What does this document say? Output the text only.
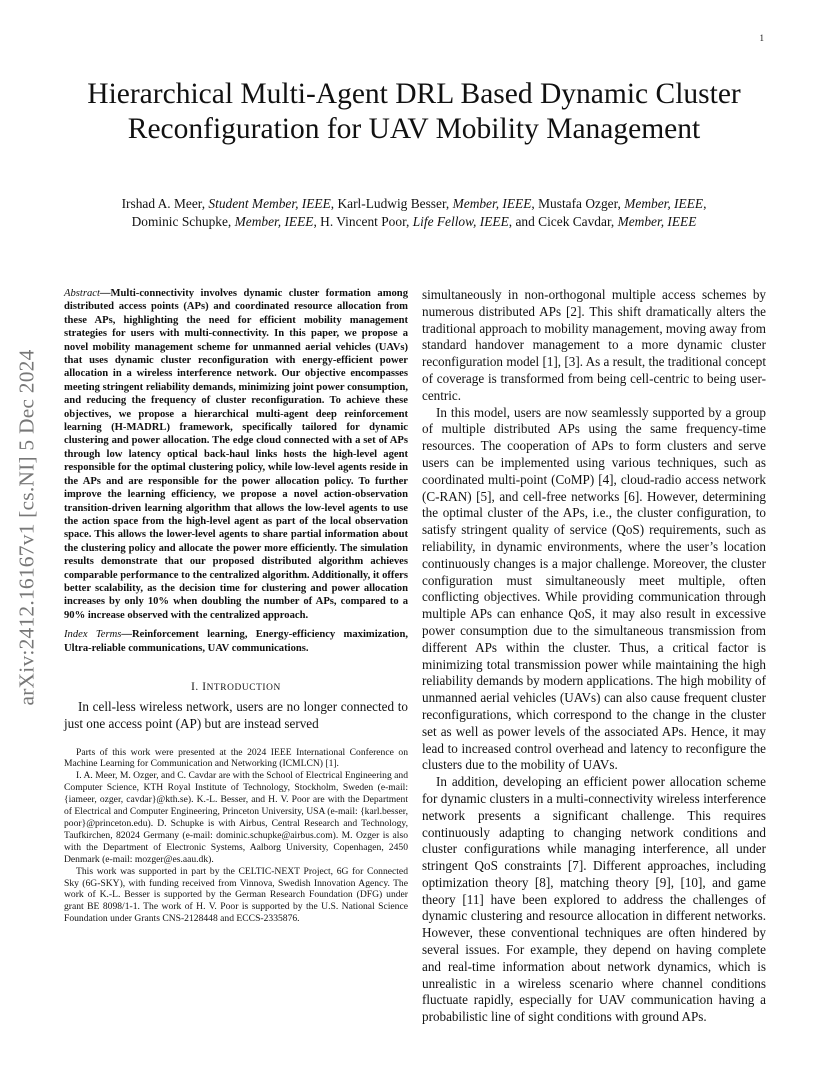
1
arXiv:2412.16167v1 [cs.NI] 5 Dec 2024
Hierarchical Multi-Agent DRL Based Dynamic Cluster Reconfiguration for UAV Mobility Management

Irshad A. Meer, Student Member, IEEE, Karl-Ludwig Besser, Member, IEEE, Mustafa Ozger, Member, IEEE,
Dominic Schupke, Member, IEEE, H. Vincent Poor, Life Fellow, IEEE, and Cicek Cavdar, Member, IEEE

Abstract—Multi-connectivity involves dynamic cluster formation among distributed access points (APs) and coordinated resource allocation from these APs, highlighting the need for efficient mobility management strategies for users with multi-connectivity. In this paper, we propose a novel mobility management scheme for unmanned aerial vehicles (UAVs) that uses dynamic cluster reconfiguration with energy-efficient power allocation in a wireless interference network. Our objective encompasses meeting stringent reliability demands, minimizing joint power consumption, and reducing the frequency of cluster reconfiguration. To achieve these objectives, we propose a hierarchical multi-agent deep reinforcement learning (H-MADRL) framework, specifically tailored for dynamic clustering and power allocation. The edge cloud connected with a set of APs through low latency optical back-haul links hosts the high-level agent responsible for the optimal clustering policy, while low-level agents reside in the APs and are responsible for the power allocation policy. To further improve the learning efficiency, we propose a novel action-observation transition-driven learning algorithm that allows the low-level agents to use the action space from the high-level agent as part of the local observation space. This allows the lower-level agents to share partial information about the clustering policy and allocate the power more efficiently. The simulation results demonstrate that our proposed distributed algorithm achieves comparable performance to the centralized algorithm. Additionally, it offers better scalability, as the decision time for clustering and power allocation increases by only 10% when doubling the number of APs, compared to a 90% increase observed with the centralized approach.

Index Terms—Reinforcement learning, Energy-efficiency maximization, Ultra-reliable communications, UAV communications.

I. INTRODUCTION

In cell-less wireless network, users are no longer connected to just one access point (AP) but are instead served

Parts of this work were presented at the 2024 IEEE International Conference on Machine Learning for Communication and Networking (ICMLCN) [1].

I. A. Meer, M. Ozger, and C. Cavdar are with the School of Electrical Engineering and Computer Science, KTH Royal Institute of Technology, Stockholm, Sweden (e-mail: {iameer, ozger, cavdar}@kth.se). K.-L. Besser, and H. V. Poor are with the Department of Electrical and Computer Engineering, Princeton University, USA (e-mail: {karl.besser, poor}@princeton.edu). D. Schupke is with Airbus, Central Research and Technology, Taufkirchen, 82024 Germany (e-mail: dominic.schupke@airbus.com). M. Ozger is also with the Department of Electronic Systems, Aalborg University, Copenhagen, 2450 Denmark (e-mail: mozger@es.aau.dk).

This work was supported in part by the CELTIC-NEXT Project, 6G for Connected Sky (6G-SKY), with funding received from Vinnova, Swedish Innovation Agency. The work of K.-L. Besser is supported by the German Research Foundation (DFG) under grant BE 8098/1-1. The work of H. V. Poor is supported by the U.S. National Science Foundation under Grants CNS-2128448 and ECCS-2335876.

simultaneously in non-orthogonal multiple access schemes by numerous distributed APs [2]. This shift dramatically alters the traditional approach to mobility management, moving away from standard handover management to a more dynamic cluster reconfiguration model [1], [3]. As a result, the traditional concept of coverage is transformed from being cell-centric to being user-centric.

In this model, users are now seamlessly supported by a group of multiple distributed APs using the same frequency-time resources. The cooperation of APs to form clusters and serve users can be implemented using various techniques, such as coordinated multi-point (CoMP) [4], cloud-radio access network (C-RAN) [5], and cell-free networks [6]. However, determining the optimal cluster of the APs, i.e., the cluster configuration, to satisfy stringent quality of service (QoS) requirements, such as reliability, in dynamic environments, where the user’s location continuously changes is a major challenge. Moreover, the cluster configuration must simultaneously meet multiple, often conflicting objectives. While providing communication through multiple APs can enhance QoS, it may also result in excessive power consumption due to the simultaneous transmission from different APs within the cluster. Thus, a critical factor is minimizing total transmission power while maintaining the high reliability demands by modern applications. The high mobility of unmanned aerial vehicles (UAVs) can also cause frequent cluster reconfigurations, which correspond to the change in the cluster set as well as power levels of the associated APs. Hence, it may lead to increased control overhead and latency to reconfigure the clusters due to the mobility of UAVs.

In addition, developing an efficient power allocation scheme for dynamic clusters in a multi-connectivity wireless interference network presents a significant challenge. This requires continuously adapting to changing network conditions and cluster configurations while managing interference, all under stringent QoS constraints [7]. Different approaches, including optimization theory [8], matching theory [9], [10], and game theory [11] have been explored to address the challenges of dynamic clustering and resource allocation in different networks. However, these conventional techniques are often hindered by several issues. For example, they depend on having complete and real-time information about network dynamics, which is unrealistic in a wireless scenario where channel conditions fluctuate rapidly, especially for UAV communication having a probabilistic line of sight conditions with ground APs.
